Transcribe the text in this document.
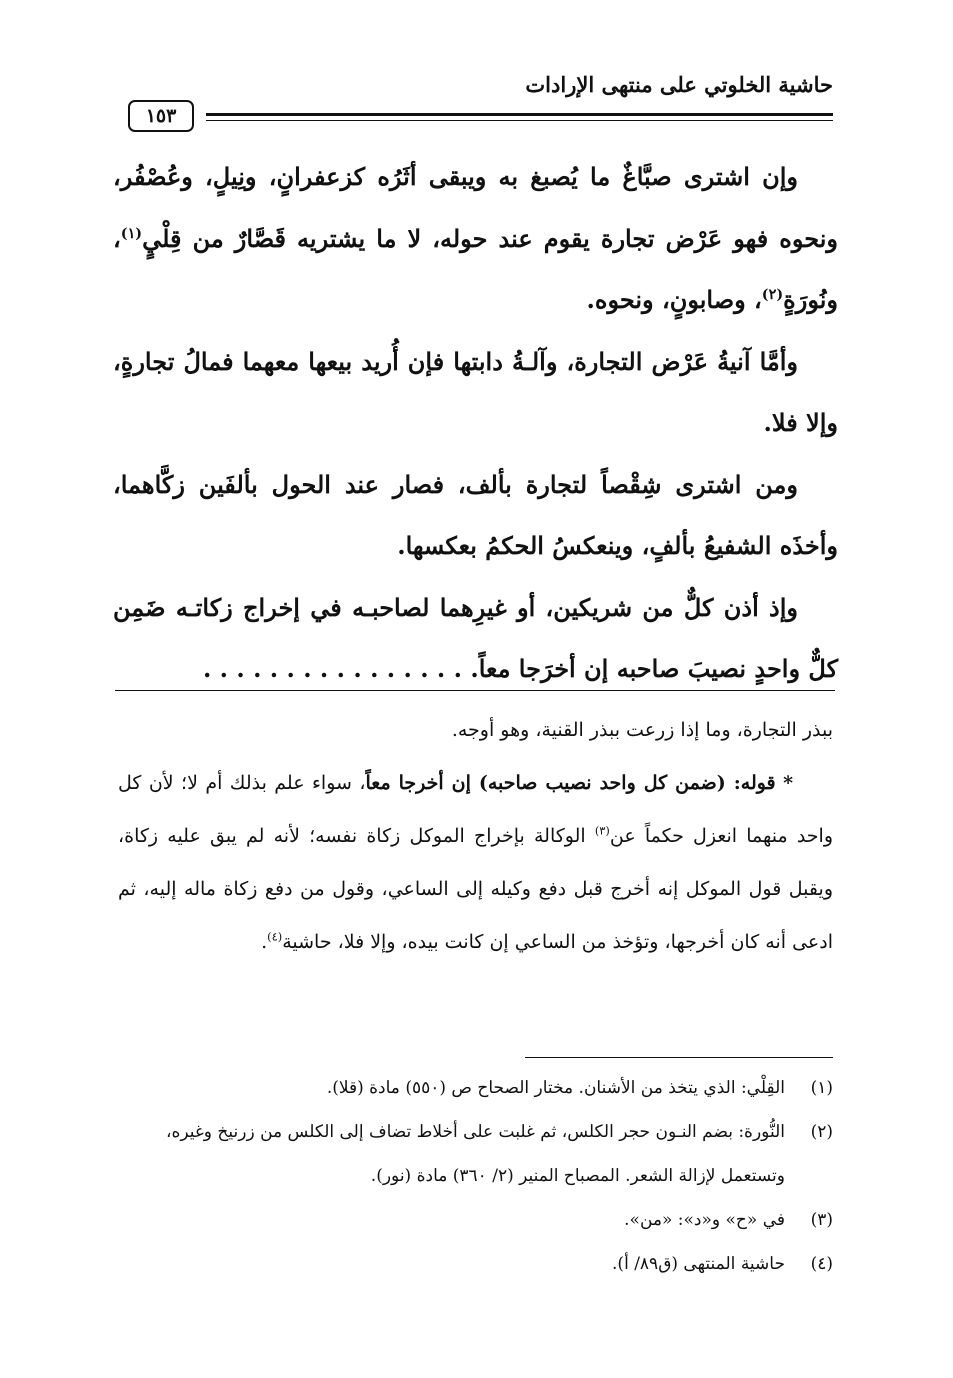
حاشية الخلوتي على منتهى الإرادات
١٥٣

وإن اشترى صبَّاغٌ ما يُصبغ به ويبقى أثَرُه كزعفرانٍ، ونِيلٍ، وعُصْفُر، ونحوه فهو عَرْض تجارة يقوم عند حوله، لا ما يشتريه قَصَّارٌ من قِلْيٍ$^{(١)}$، ونُورَةٍ$^{(٢)}$، وصابونٍ، ونحوه.

وأمَّا آنيةُ عَرْض التجارة، وآلـةُ دابتها فإن أُريد بيعها معهما فمالُ تجارةٍ، وإلا فلا.

ومن اشترى شِقْصاً لتجارة بألف، فصار عند الحول بألفَين زكَّاهما، وأخذَه الشفيعُ بألفٍ، وينعكسُ الحكمُ بعكسها.

وإذ أذن كلٌّ من شريكين، أو غيرِهما لصاحبـه في إخراج زكاتـه ضَمِن كلٌّ واحدٍ نصيبَ صاحبه إن أخرَجا معاً. . . . . . . . . . . . . . . . .

ببذر التجارة، وما إذا زرعت ببذر القنية، وهو أوجه.

* قوله: (ضمن كل واحد نصيب صاحبه) إن أخرجا معاً، سواء علم بذلك أم لا؛ لأن كل واحد منهما انعزل حكماً عن$^{(٣)}$ الوكالة بإخراج الموكل زكاة نفسه؛ لأنه لم يبق عليه زكاة، ويقبل قول الموكل إنه أخرج قبل دفع وكيله إلى الساعي، وقول من دفع زكاة ماله إليه، ثم ادعى أنه كان أخرجها، وتؤخذ من الساعي إن كانت بيده، وإلا فلا، حاشية$^{(٤)}$.

(١)
القِلْي: الذي يتخذ من الأشنان. مختار الصحاح ص (٥٥٠) مادة (قلا).

(٢)
النُّورة: بضم النـون حجر الكلس، ثم غلبت على أخلاط تضاف إلى الكلس من زرنيخ وغيره، وتستعمل لإزالة الشعر. المصباح المنير (٢/ ٣٦٠) مادة (نور).

(٣)
في «ح» و«د»: «من».

(٤)
حاشية المنتهى (ق٨٩/ أ).
